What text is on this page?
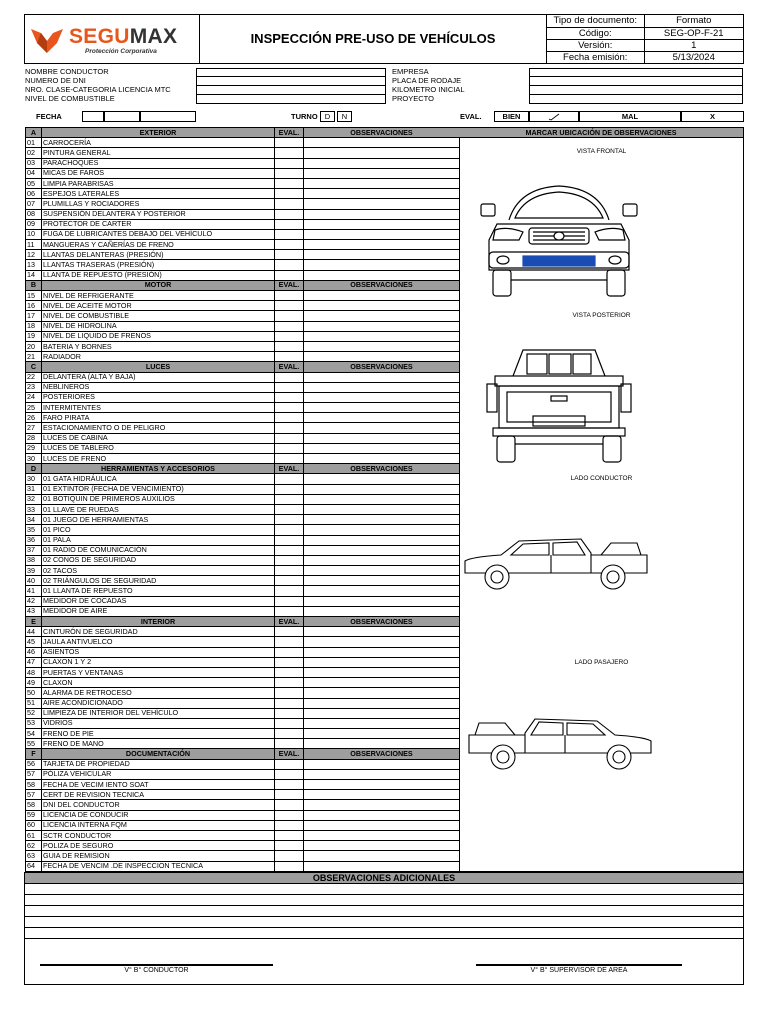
SEGUMAX
Protección Corporativa
INSPECCIÓN PRE-USO DE VEHÍCULOS
Tipo de documento:	Formato
Código:	SEG-OP-F-21
Versión:	1
Fecha emisión:	5/13/2024
NOMBRE CONDUCTOR
NUMERO DE DNI
NRO. CLASE-CATEGORIA LICENCIA MTC
NIVEL DE COMBUSTIBLE
EMPRESA
PLACA DE RODAJE
KILOMETRO INICIAL
PROYECTO
FECHA	TURNO D	N	EVAL.	BIEN	MAL	X
A	EXTERIOR	EVAL.	OBSERVACIONES
01	CARROCERÍA		
02	PINTURA GENERAL		
03	PARACHOQUES		
04	MICAS DE FAROS		
05	LIMPIA PARABRISAS		
06	ESPEJOS LATERALES		
07	PLUMILLAS Y ROCIADORES		
08	SUSPENSIÓN DELANTERA Y POSTERIOR		
09	PROTECTOR DE CARTER		
10	FUGA DE LUBRICANTES DEBAJO DEL VEHÍCULO		
11	MANGUERAS Y CAÑERÍAS DE FRENO		
12	LLANTAS DELANTERAS (PRESIÓN)		
13	LLANTAS TRASERAS (PRESIÓN)		
14	LLANTA DE REPUESTO (PRESIÓN)		
B	MOTOR	EVAL.	OBSERVACIONES
15	NIVEL DE REFRIGERANTE		
16	NIVEL DE ACEITE MOTOR		
17	NIVEL DE COMBUSTIBLE		
18	NIVEL DE HIDROLINA		
19	NIVEL DE LIQUIDO DE FRENOS		
20	BATERIA Y BORNES		
21	RADIADOR		
C	LUCES	EVAL.	OBSERVACIONES
22	DELANTERA (ALTA Y BAJA)		
23	NEBLINEROS		
24	POSTERIORES		
25	INTERMITENTES		
26	FARO PIRATA		
27	ESTACIONAMIENTO O DE PELIGRO		
28	LUCES DE CABINA		
29	LUCES DE TABLERO		
30	LUCES DE FRENO		
D	HERRAMIENTAS Y ACCESORIOS	EVAL.	OBSERVACIONES
30	01 GATA HIDRÁULICA		
31	01 EXTINTOR (FECHA DE VENCIMIENTO)		
32	01 BOTIQUIN DE PRIMEROS AUXILIOS		
33	01 LLAVE DE RUEDAS		
34	01 JUEGO DE HERRAMIENTAS		
35	01 PICO		
36	01 PALA		
37	01 RADIO DE COMUNICACIÓN		
38	02 CONOS DE SEGURIDAD		
39	02 TACOS		
40	02 TRIÁNGULOS DE SEGURIDAD		
41	01 LLANTA DE REPUESTO		
42	MEDIDOR DE COCADAS		
43	MEDIDOR DE AIRE		
E	INTERIOR	EVAL.	OBSERVACIONES
44	CINTURÓN DE SEGURIDAD		
45	JAULA ANTIVUELCO		
46	ASIENTOS		
47	CLAXON 1 Y 2		
48	PUERTAS Y VENTANAS		
49	CLAXON		
50	ALARMA DE RETROCESO		
51	AIRE ACONDICIONADO		
52	LIMPIEZA DE INTERIOR DEL VEHÍCULO		
53	VIDRIOS		
54	FRENO DE PIE		
55	FRENO DE MANO		
F	DOCUMENTACIÓN	EVAL.	OBSERVACIONES
56	TARJETA DE PROPIEDAD		
57	PÓLIZA VEHICULAR		
58	FECHA DE VECIM IENTO SOAT		
57	CERT DE REVISION TECNICA		
58	DNI DEL CONDUCTOR		
59	LICENCIA DE CONDUCIR		
60	LICENCIA INTERNA FQM		
61	SCTR CONDUCTOR		
62	POLIZA DE SEGURO		
63	GUIA DE REMISION		
64	FECHA DE VENCIM .DE INSPECCION TECNICA		
MARCAR UBICACIÓN DE OBSERVACIONES
VISTA FRONTAL
VISTA POSTERIOR
LADO CONDUCTOR
LADO PASAJERO
OBSERVACIONES ADICIONALES
V° B° CONDUCTOR	V° B° SUPERVISOR DE AREA
